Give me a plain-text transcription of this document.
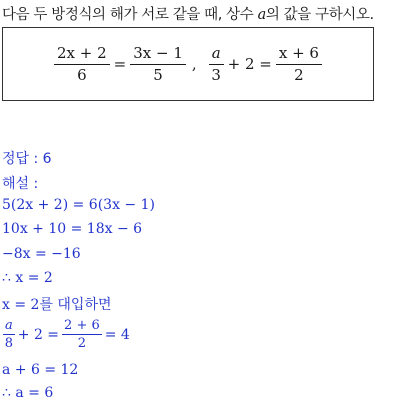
다음 두 방정식의 해가 서로 같을 때, 상수 a의 값을 구하시오.
$\frac{2x + 2}{6} = \frac{3x - 1}{5}$ , $\frac{a}{3} + 2 = \frac{x + 6}{2}$
정답 : 6
해설 :
5(2x + 2) = 6(3x − 1)
10x + 10 = 18x − 6
−8x = −16
∴ x = 2
x = 2를 대입하면
$\frac{a}{8} + 2 = \frac{2 + 6}{2} = 4$
a + 6 = 12
∴ a = 6
